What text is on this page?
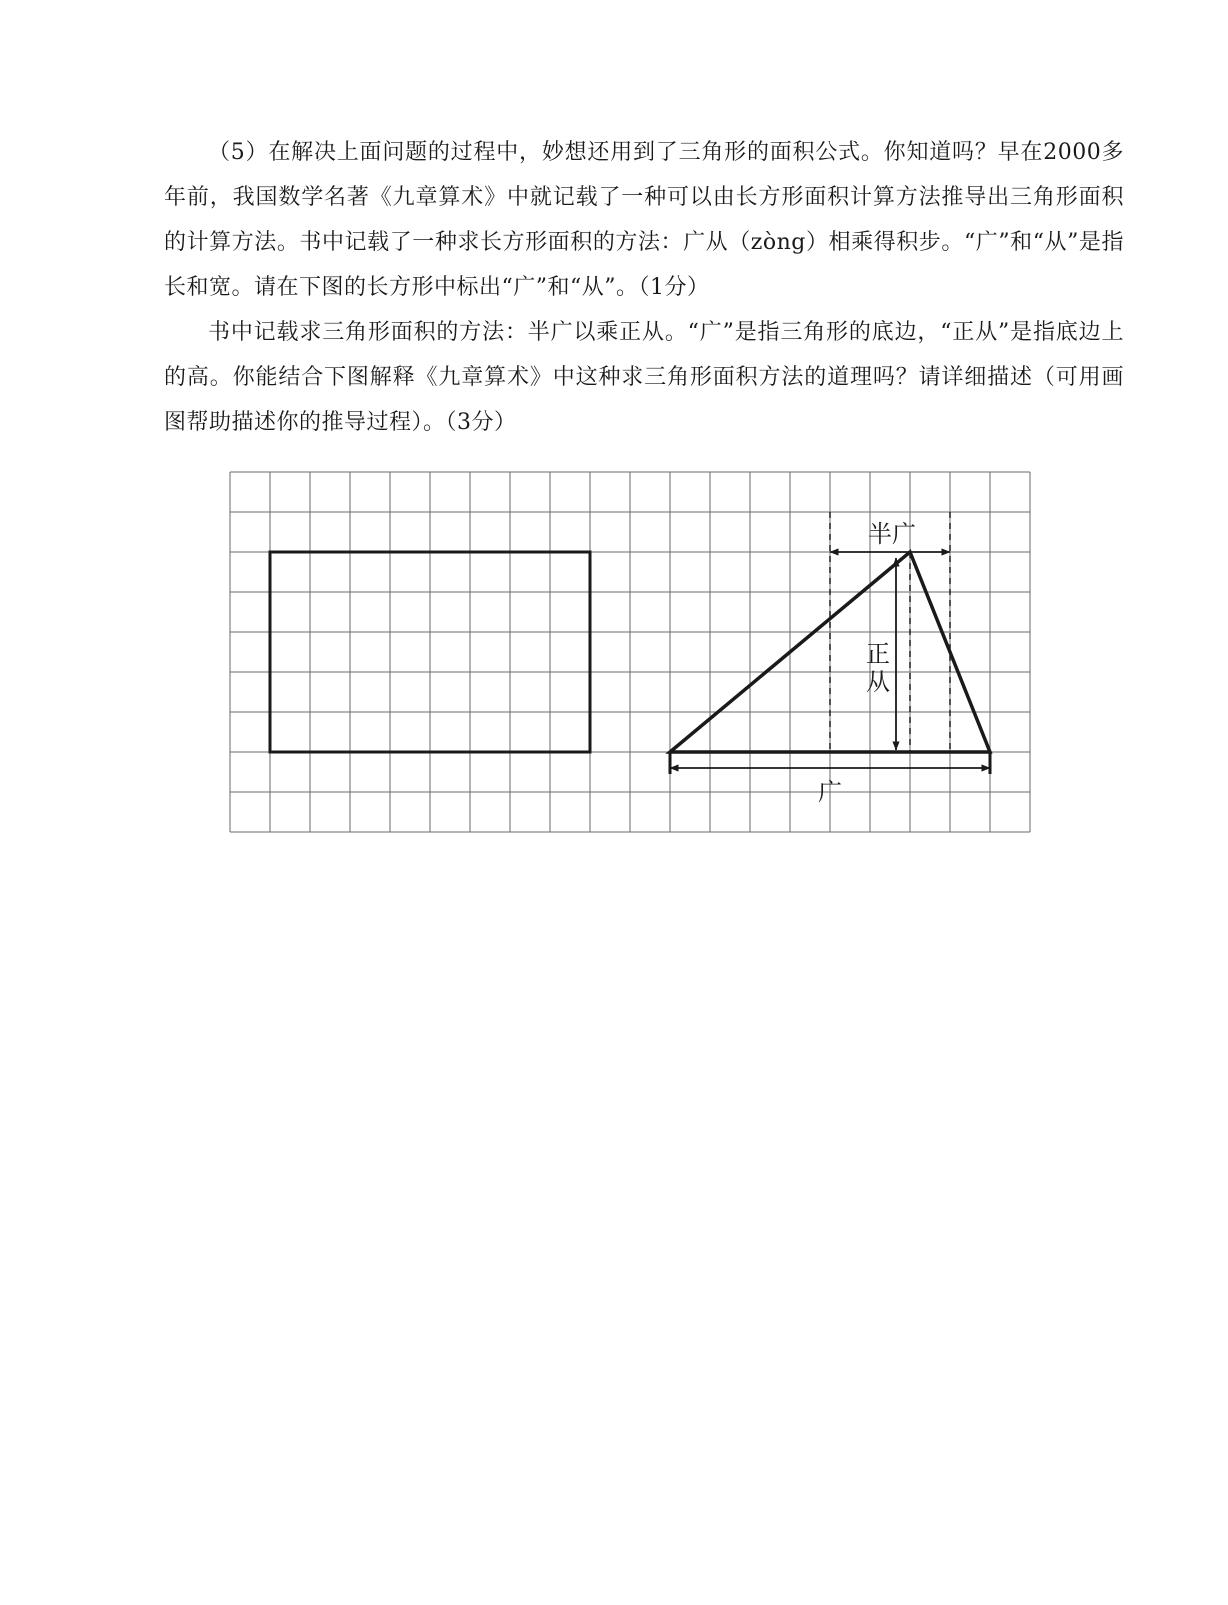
（5）在解决上面问题的过程中，妙想还用到了三角形的面积公式。你知道吗？早在2000多年前，我国数学名著《九章算术》中就记载了一种可以由长方形面积计算方法推导出三角形面积的计算方法。书中记载了一种求长方形面积的方法：广从（zòng）相乘得积步。“广”和“从”是指长和宽。请在下图的长方形中标出“广”和“从”。（1分）

书中记载求三角形面积的方法：半广以乘正从。“广”是指三角形的底边，“正从”是指底边上的高。你能结合下图解释《九章算术》中这种求三角形面积方法的道理吗？请详细描述（可用画图帮助描述你的推导过程）。（3分）

半广
正
从
广
